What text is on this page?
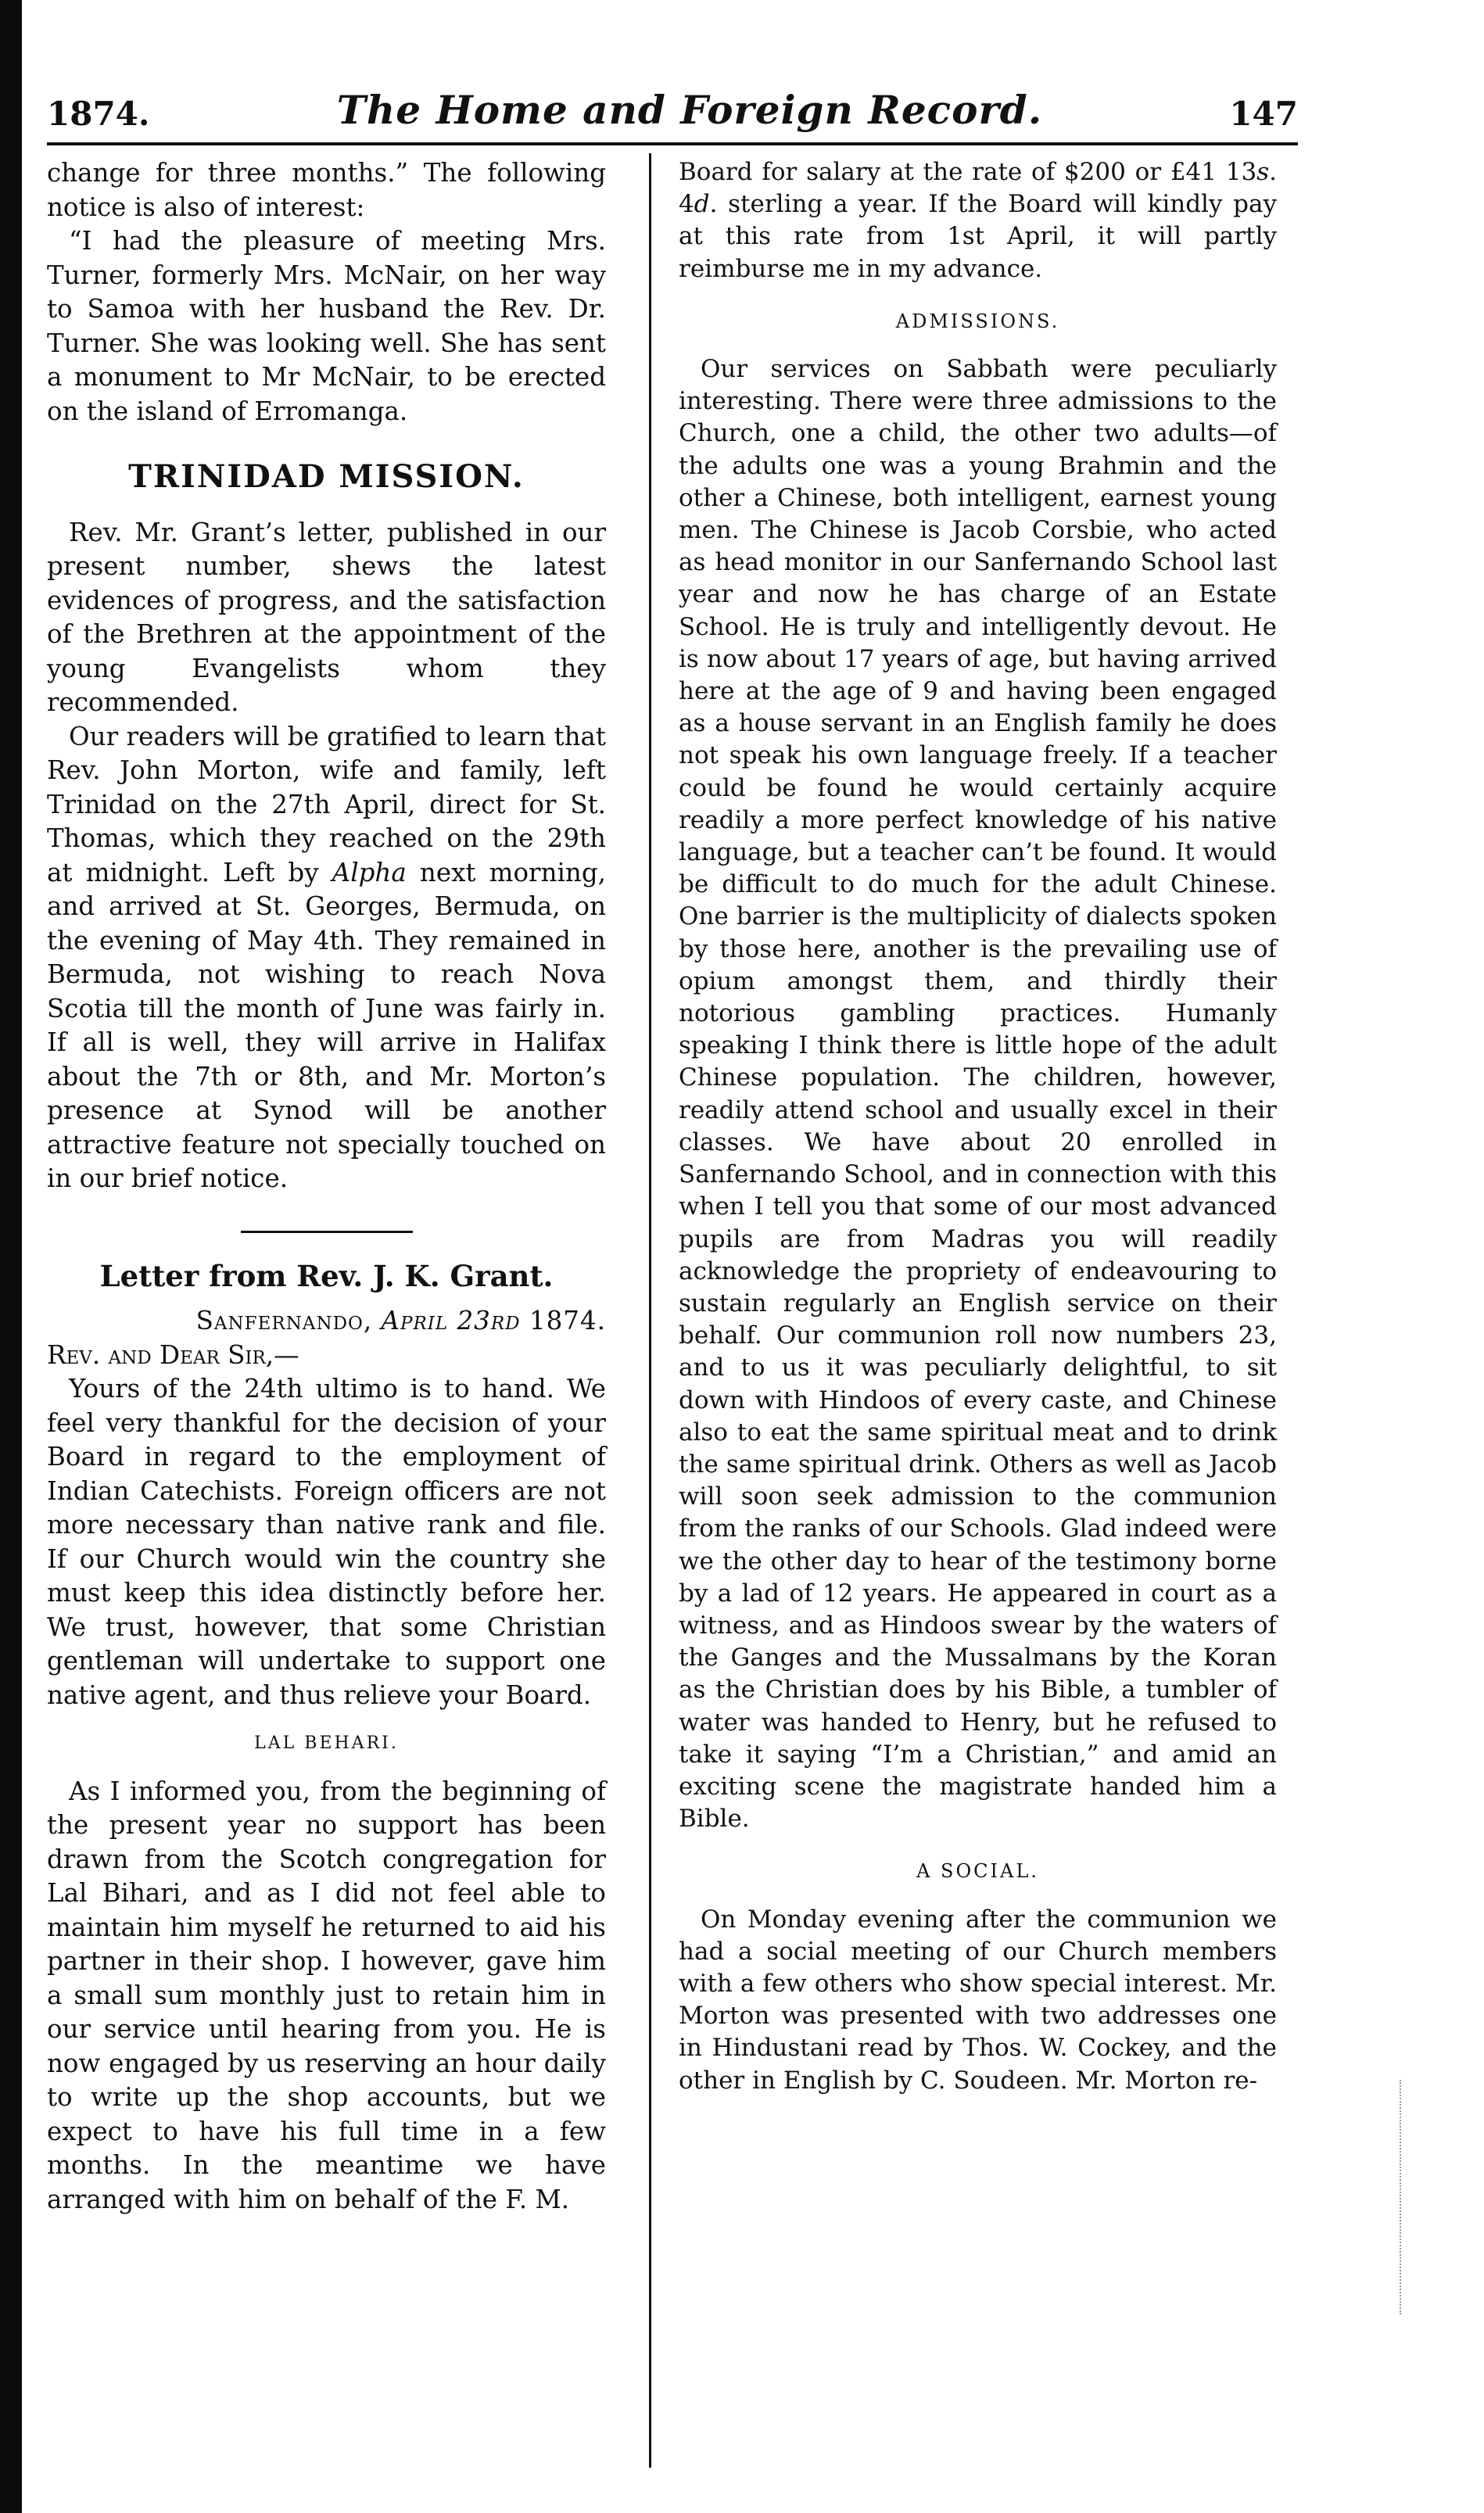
1874.	The Home and Foreign Record.	147

change for three months.” The following notice is also of interest:

“I had the pleasure of meeting Mrs. Turner, formerly Mrs. McNair, on her way to Samoa with her husband the Rev. Dr. Turner. She was looking well. She has sent a monument to Mr McNair, to be erected on the island of Erromanga.

TRINIDAD MISSION.

Rev. Mr. Grant’s letter, published in our present number, shews the latest evidences of progress, and the satisfaction of the Brethren at the appointment of the young Evangelists whom they recommended.

Our readers will be gratified to learn that Rev. John Morton, wife and family, left Trinidad on the 27th April, direct for St. Thomas, which they reached on the 29th at midnight. Left by Alpha next morning, and arrived at St. Georges, Bermuda, on the evening of May 4th. They remained in Bermuda, not wishing to reach Nova Scotia till the month of June was fairly in. If all is well, they will arrive in Halifax about the 7th or 8th, and Mr. Morton’s presence at Synod will be another attractive feature not specially touched on in our brief notice.

Letter from Rev. J. K. Grant.

Sanfernando, April 23rd 1874.

Rev. and Dear Sir,—

Yours of the 24th ultimo is to hand. We feel very thankful for the decision of your Board in regard to the employment of Indian Catechists. Foreign officers are not more necessary than native rank and file. If our Church would win the country she must keep this idea distinctly before her. We trust, however, that some Christian gentleman will undertake to support one native agent, and thus relieve your Board.

LAL BEHARI.

As I informed you, from the beginning of the present year no support has been drawn from the Scotch congregation for Lal Bihari, and as I did not feel able to maintain him myself he returned to aid his partner in their shop. I however, gave him a small sum monthly just to retain him in our service until hearing from you. He is now engaged by us reserving an hour daily to write up the shop accounts, but we expect to have his full time in a few months. In the meantime we have arranged with him on behalf of the F. M.

Board for salary at the rate of $200 or £41 13s. 4d. sterling a year. If the Board will kindly pay at this rate from 1st April, it will partly reimburse me in my advance.

ADMISSIONS.

Our services on Sabbath were peculiarly interesting. There were three admissions to the Church, one a child, the other two adults—of the adults one was a young Brahmin and the other a Chinese, both intelligent, earnest young men. The Chinese is Jacob Corsbie, who acted as head monitor in our Sanfernando School last year and now he has charge of an Estate School. He is truly and intelligently devout. He is now about 17 years of age, but having arrived here at the age of 9 and having been engaged as a house servant in an English family he does not speak his own language freely. If a teacher could be found he would certainly acquire readily a more perfect knowledge of his native language, but a teacher can’t be found. It would be difficult to do much for the adult Chinese. One barrier is the multiplicity of dialects spoken by those here, another is the prevailing use of opium amongst them, and thirdly their notorious gambling practices. Humanly speaking I think there is little hope of the adult Chinese population. The children, however, readily attend school and usually excel in their classes. We have about 20 enrolled in Sanfernando School, and in connection with this when I tell you that some of our most advanced pupils are from Madras you will readily acknowledge the propriety of endeavouring to sustain regularly an English service on their behalf. Our communion roll now numbers 23, and to us it was peculiarly delightful, to sit down with Hindoos of every caste, and Chinese also to eat the same spiritual meat and to drink the same spiritual drink. Others as well as Jacob will soon seek admission to the communion from the ranks of our Schools. Glad indeed were we the other day to hear of the testimony borne by a lad of 12 years. He appeared in court as a witness, and as Hindoos swear by the waters of the Ganges and the Mussalmans by the Koran as the Christian does by his Bible, a tumbler of water was handed to Henry, but he refused to take it saying “I’m a Christian,” and amid an exciting scene the magistrate handed him a Bible.

A SOCIAL.

On Monday evening after the communion we had a social meeting of our Church members with a few others who show special interest. Mr. Morton was presented with two addresses one in Hindustani read by Thos. W. Cockey, and the other in English by C. Soudeen. Mr. Morton re-
